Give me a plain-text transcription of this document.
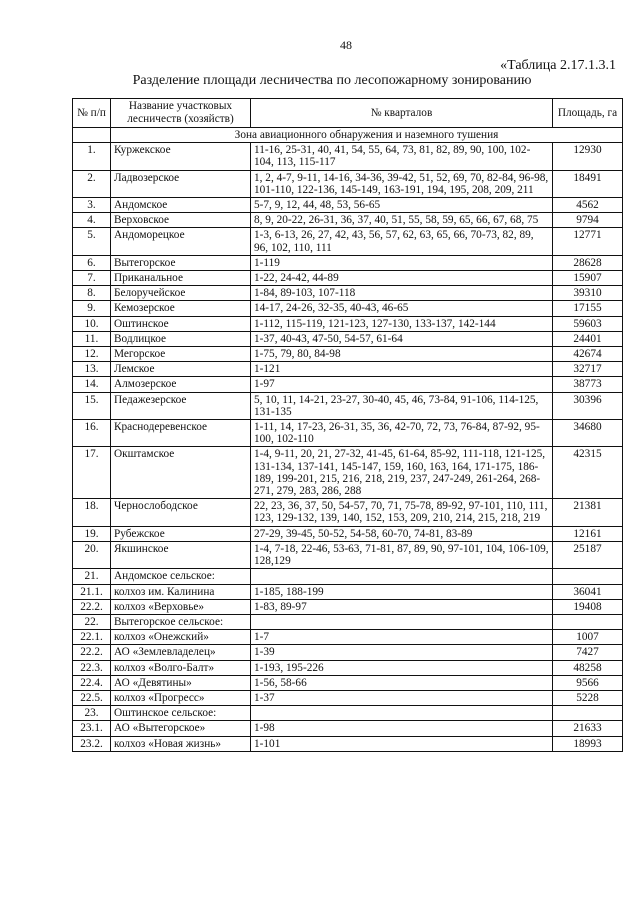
48
«Таблица 2.17.1.3.1
Разделение площади лесничества по лесопожарному зонированию
№ п/п	Название участковых лесничеств (хозяйств)	№ кварталов	Площадь, га
	Зона авиационного обнаружения и наземного тушения		
1.	Куржекское	11-16, 25-31, 40, 41, 54, 55, 64, 73, 81, 82, 89, 90, 100, 102-104, 113, 115-117	12930
2.	Ладвозерское	1, 2, 4-7, 9-11, 14-16, 34-36, 39-42, 51, 52, 69, 70, 82-84, 96-98, 101-110, 122-136, 145-149, 163-191, 194, 195, 208, 209, 211	18491
3.	Андомское	5-7, 9, 12, 44, 48, 53, 56-65	4562
4.	Верховское	8, 9, 20-22, 26-31, 36, 37, 40, 51, 55, 58, 59, 65, 66, 67, 68, 75	9794
5.	Андоморецкое	1-3, 6-13, 26, 27, 42, 43, 56, 57, 62, 63, 65, 66, 70-73, 82, 89, 96, 102, 110, 111	12771
6.	Вытегорское	1-119	28628
7.	Приканальное	1-22, 24-42, 44-89	15907
8.	Белоручейское	1-84, 89-103, 107-118	39310
9.	Кемозерское	14-17, 24-26, 32-35, 40-43, 46-65	17155
10.	Оштинское	1-112, 115-119, 121-123, 127-130, 133-137, 142-144	59603
11.	Водлицкое	1-37, 40-43, 47-50, 54-57, 61-64	24401
12.	Мегорское	1-75, 79, 80, 84-98	42674
13.	Лемское	1-121	32717
14.	Алмозерское	1-97	38773
15.	Педажезерское	5, 10, 11, 14-21, 23-27, 30-40, 45, 46, 73-84, 91-106, 114-125, 131-135	30396
16.	Краснодеревенское	1-11, 14, 17-23, 26-31, 35, 36, 42-70, 72, 73, 76-84, 87-92, 95-100, 102-110	34680
17.	Окштамское	1-4, 9-11, 20, 21, 27-32, 41-45, 61-64, 85-92, 111-118, 121-125, 131-134, 137-141, 145-147, 159, 160, 163, 164, 171-175, 186-189, 199-201, 215, 216, 218, 219, 237, 247-249, 261-264, 268-271, 279, 283, 286, 288	42315
18.	Чернослободское	22, 23, 36, 37, 50, 54-57, 70, 71, 75-78, 89-92, 97-101, 110, 111, 123, 129-132, 139, 140, 152, 153, 209, 210, 214, 215, 218, 219	21381
19.	Рубежское	27-29, 39-45, 50-52, 54-58, 60-70, 74-81, 83-89	12161
20.	Якшинское	1-4, 7-18, 22-46, 53-63, 71-81, 87, 89, 90, 97-101, 104, 106-109, 128,129	25187
21.	Андомское сельское:		
21.1.	колхоз им. Калинина	1-185, 188-199	36041
22.2.	колхоз «Верховье»	1-83, 89-97	19408
22.	Вытегорское сельское:		
22.1.	колхоз «Онежский»	1-7	1007
22.2.	АО «Землевладелец»	1-39	7427
22.3.	колхоз «Волго-Балт»	1-193, 195-226	48258
22.4.	АО «Девятины»	1-56, 58-66	9566
22.5.	колхоз «Прогресс»	1-37	5228
23.	Оштинское сельское:		
23.1.	АО «Вытегорское»	1-98	21633
23.2.	колхоз «Новая жизнь»	1-101	18993
